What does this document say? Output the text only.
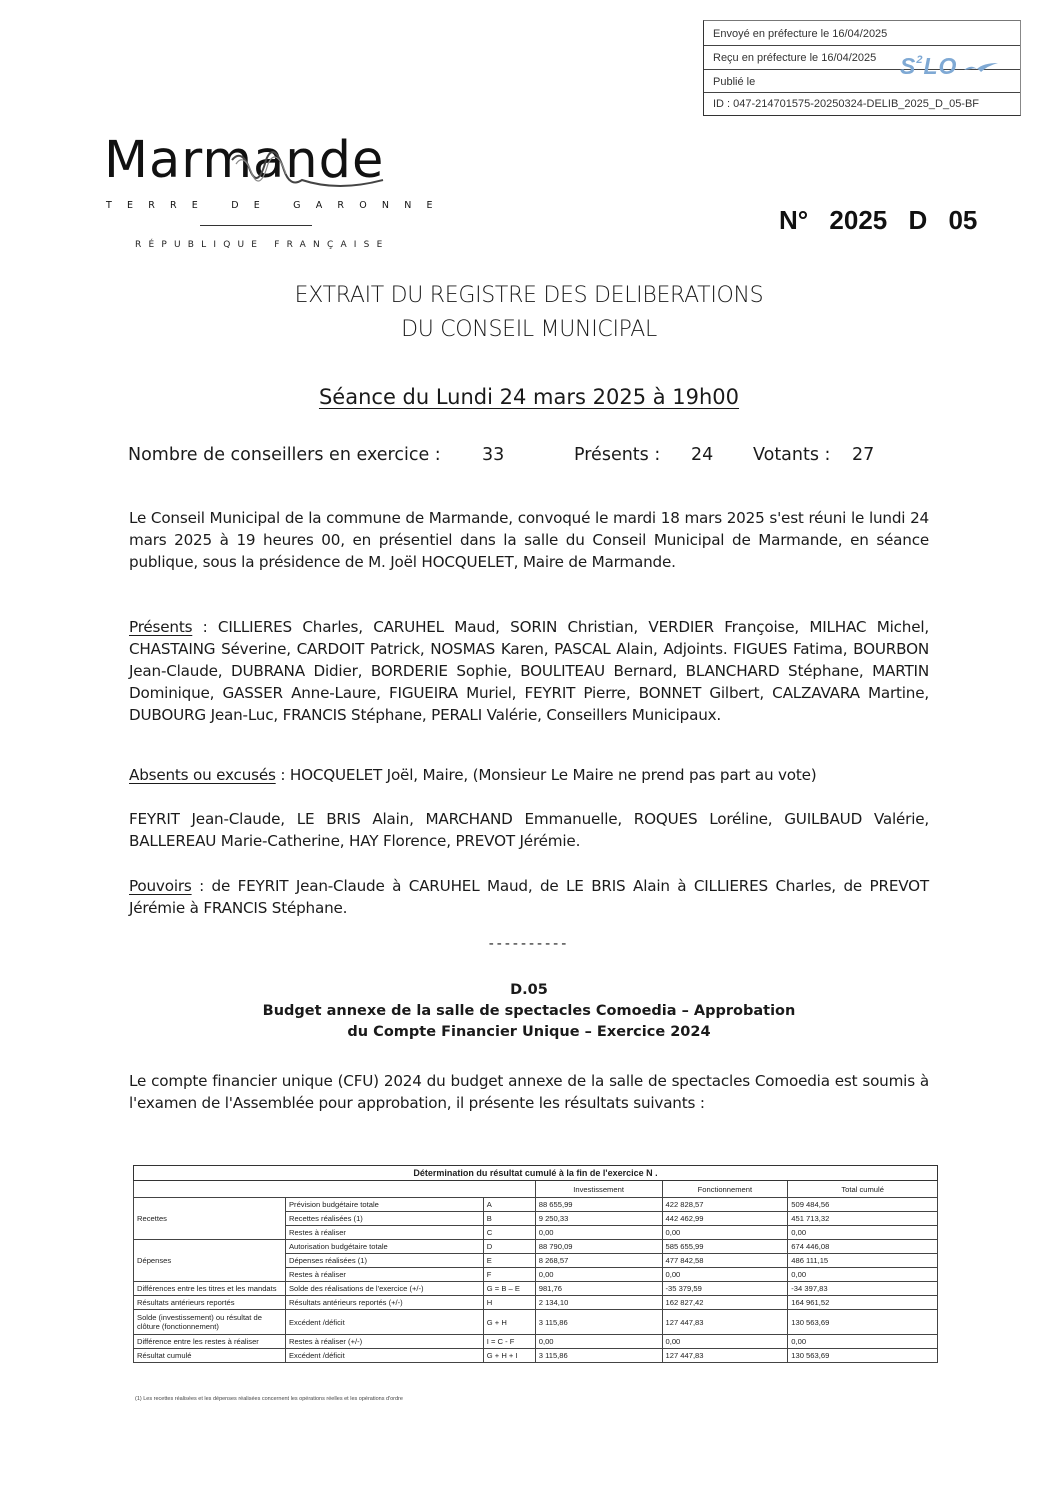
Envoyé en préfecture le 16/04/2025
Reçu en préfecture le 16/04/2025
Publié le
ID : 047-214701575-20250324-DELIB_2025_D_05-BF
$S^2LO$
Marmande
TERRE DE GARONNE
RÉPUBLIQUE FRANÇAISE
N° 2025 D 05
EXTRAIT DU REGISTRE DES DELIBERATIONS
DU CONSEIL MUNICIPAL
Séance du Lundi 24 mars 2025 à 19h00
Nombre de conseillers en exercice : 33	Présents : 24 Votants : 27
Le Conseil Municipal de la commune de Marmande, convoqué le mardi 18 mars 2025 s'est réuni le lundi 24 mars 2025 à 19 heures 00, en présentiel dans la salle du Conseil Municipal de Marmande, en séance publique, sous la présidence de M. Joël HOCQUELET, Maire de Marmande.
Présents : CILLIERES Charles, CARUHEL Maud, SORIN Christian, VERDIER Françoise, MILHAC Michel, CHASTAING Séverine, CARDOIT Patrick, NOSMAS Karen, PASCAL Alain, Adjoints. FIGUES Fatima, BOURBON Jean-Claude, DUBRANA Didier, BORDERIE Sophie, BOULITEAU Bernard, BLANCHARD Stéphane, MARTIN Dominique, GASSER Anne-Laure, FIGUEIRA Muriel, FEYRIT Pierre, BONNET Gilbert, CALZAVARA Martine, DUBOURG Jean-Luc, FRANCIS Stéphane, PERALI Valérie, Conseillers Municipaux.
Absents ou excusés : HOCQUELET Joël, Maire, (Monsieur Le Maire ne prend pas part au vote)
FEYRIT Jean-Claude, LE BRIS Alain, MARCHAND Emmanuelle, ROQUES Loréline, GUILBAUD Valérie, BALLEREAU Marie-Catherine, HAY Florence, PREVOT Jérémie.
Pouvoirs : de FEYRIT Jean-Claude à CARUHEL Maud, de LE BRIS Alain à CILLIERES Charles, de PREVOT Jérémie à FRANCIS Stéphane.
----------
D.05
Budget annexe de la salle de spectacles Comoedia – Approbation
du Compte Financier Unique – Exercice 2024
Le compte financier unique (CFU) 2024 du budget annexe de la salle de spectacles Comoedia est soumis à l'examen de l'Assemblée pour approbation, il présente les résultats suivants :
Détermination du résultat cumulé à la fin de l'exercice N .					
			Investissement	Fonctionnement	Total cumulé
Recettes	Prévision budgétaire totale	A	88 655,99	422 828,57	509 484,56
	Recettes réalisées (1)	B	9 250,33	442 462,99	451 713,32
	Restes à réaliser	C	0,00	0,00	0,00
Dépenses	Autorisation budgétaire totale	D	88 790,09	585 655,99	674 446,08
	Dépenses réalisées (1)	E	8 268,57	477 842,58	486 111,15
	Restes à réaliser	F	0,00	0,00	0,00
Différences entre les titres et les mandats	Solde des réalisations de l'exercice (+/-)	G = B – E	981,76	-35 379,59	-34 397,83
Résultats antérieurs reportés	Résultats antérieurs reportés (+/-)	H	2 134,10	162 827,42	164 961,52
Solde (investissement) ou résultat de clôture (fonctionnement)	Excédent /déficit	G + H	3 115,86	127 447,83	130 563,69
Différence entre les restes à réaliser	Restes à réaliser (+/-)	I = C - F	0,00	0,00	0,00
Résultat cumulé	Excédent /déficit	G + H + I	3 115,86	127 447,83	130 563,69
(1) Les recettes réalisées et les dépenses réalisées concernent les opérations réelles et les opérations d'ordre
